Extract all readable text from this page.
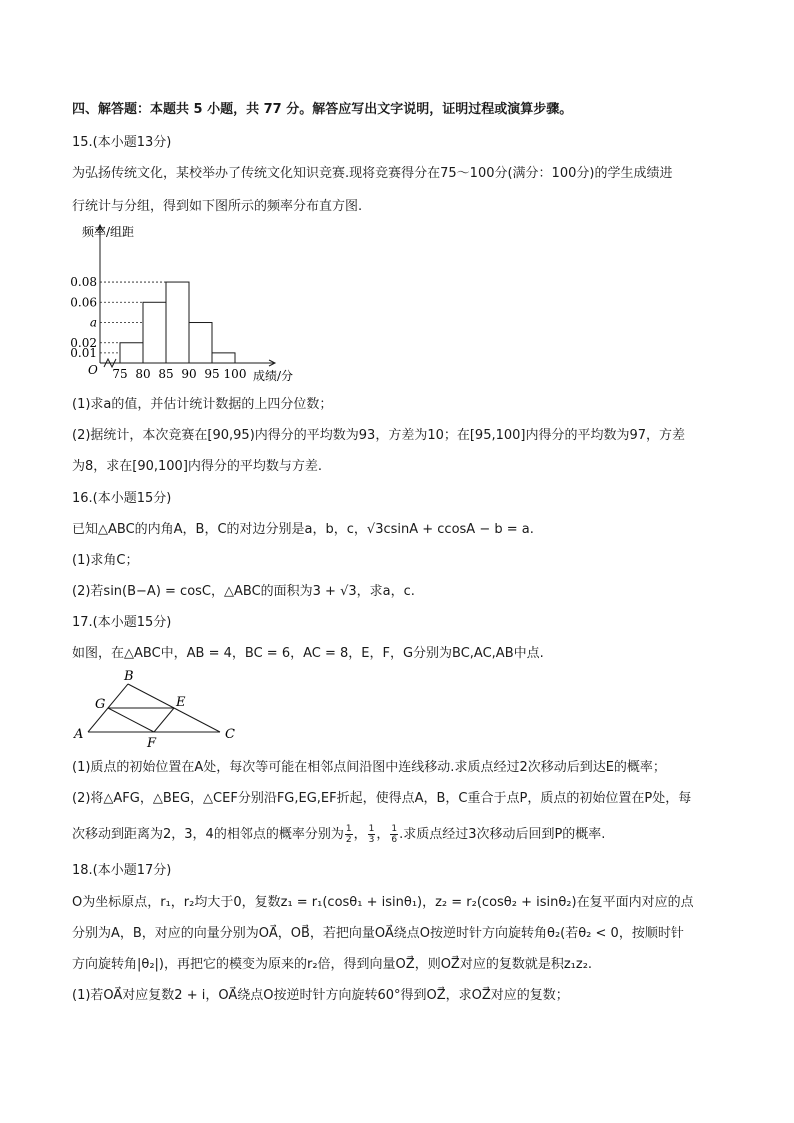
四、解答题：本题共 5 小题，共 77 分。解答应写出文字说明，证明过程或演算步骤。
15.(本小题13分)
为弘扬传统文化，某校举办了传统文化知识竞赛.现将竞赛得分在75～100分(满分：100分)的学生成绩进
行统计与分组，得到如下图所示的频率分布直方图.
0.02
0.06
0.08
a
0.01
75 80 85 90 95 100
频率/组距
成绩/分
O
(1)求a的值，并估计统计数据的上四分位数；
(2)据统计，本次竞赛在[90,95)内得分的平均数为93，方差为10；在[95,100]内得分的平均数为97，方差
为8，求在[90,100]内得分的平均数与方差.
16.(本小题15分)
已知△ABC的内角A，B，C的对边分别是a，b，c，√3csinA + ccosA − b = a.
(1)求角C；
(2)若sin(B−A) = cosC，△ABC的面积为3 + √3，求a，c.
17.(本小题15分)
如图，在△ABC中，AB = 4，BC = 6，AC = 8，E，F，G分别为BC,AC,AB中点.
A
B
C
E
F
G
(1)质点的初始位置在A处，每次等可能在相邻点间沿图中连线移动.求质点经过2次移动后到达E的概率；
(2)将△AFG，△BEG，△CEF分别沿FG,EG,EF折起，使得点A，B，C重合于点P，质点的初始位置在P处，每
次移动到距离为2，3，4的相邻点的概率分别为 $\frac{1}{2}$ ， $\frac{1}{3}$ ， $\frac{1}{6}$ .求质点经过3次移动后回到P的概率.
18.(本小题17分)
O为坐标原点，r₁，r₂均大于0，复数z₁ = r₁(cosθ₁ + isinθ₁)，z₂ = r₂(cosθ₂ + isinθ₂)在复平面内对应的点
分别为A，B，对应的向量分别为OA⃗，OB⃗，若把向量OA⃗绕点O按逆时针方向旋转角θ₂(若θ₂ < 0，按顺时针
方向旋转角|θ₂|)，再把它的模变为原来的r₂倍，得到向量OZ⃗，则OZ⃗对应的复数就是积z₁z₂.
(1)若OA⃗对应复数2 + i，OA⃗绕点O按逆时针方向旋转60°得到OZ⃗，求OZ⃗对应的复数；
